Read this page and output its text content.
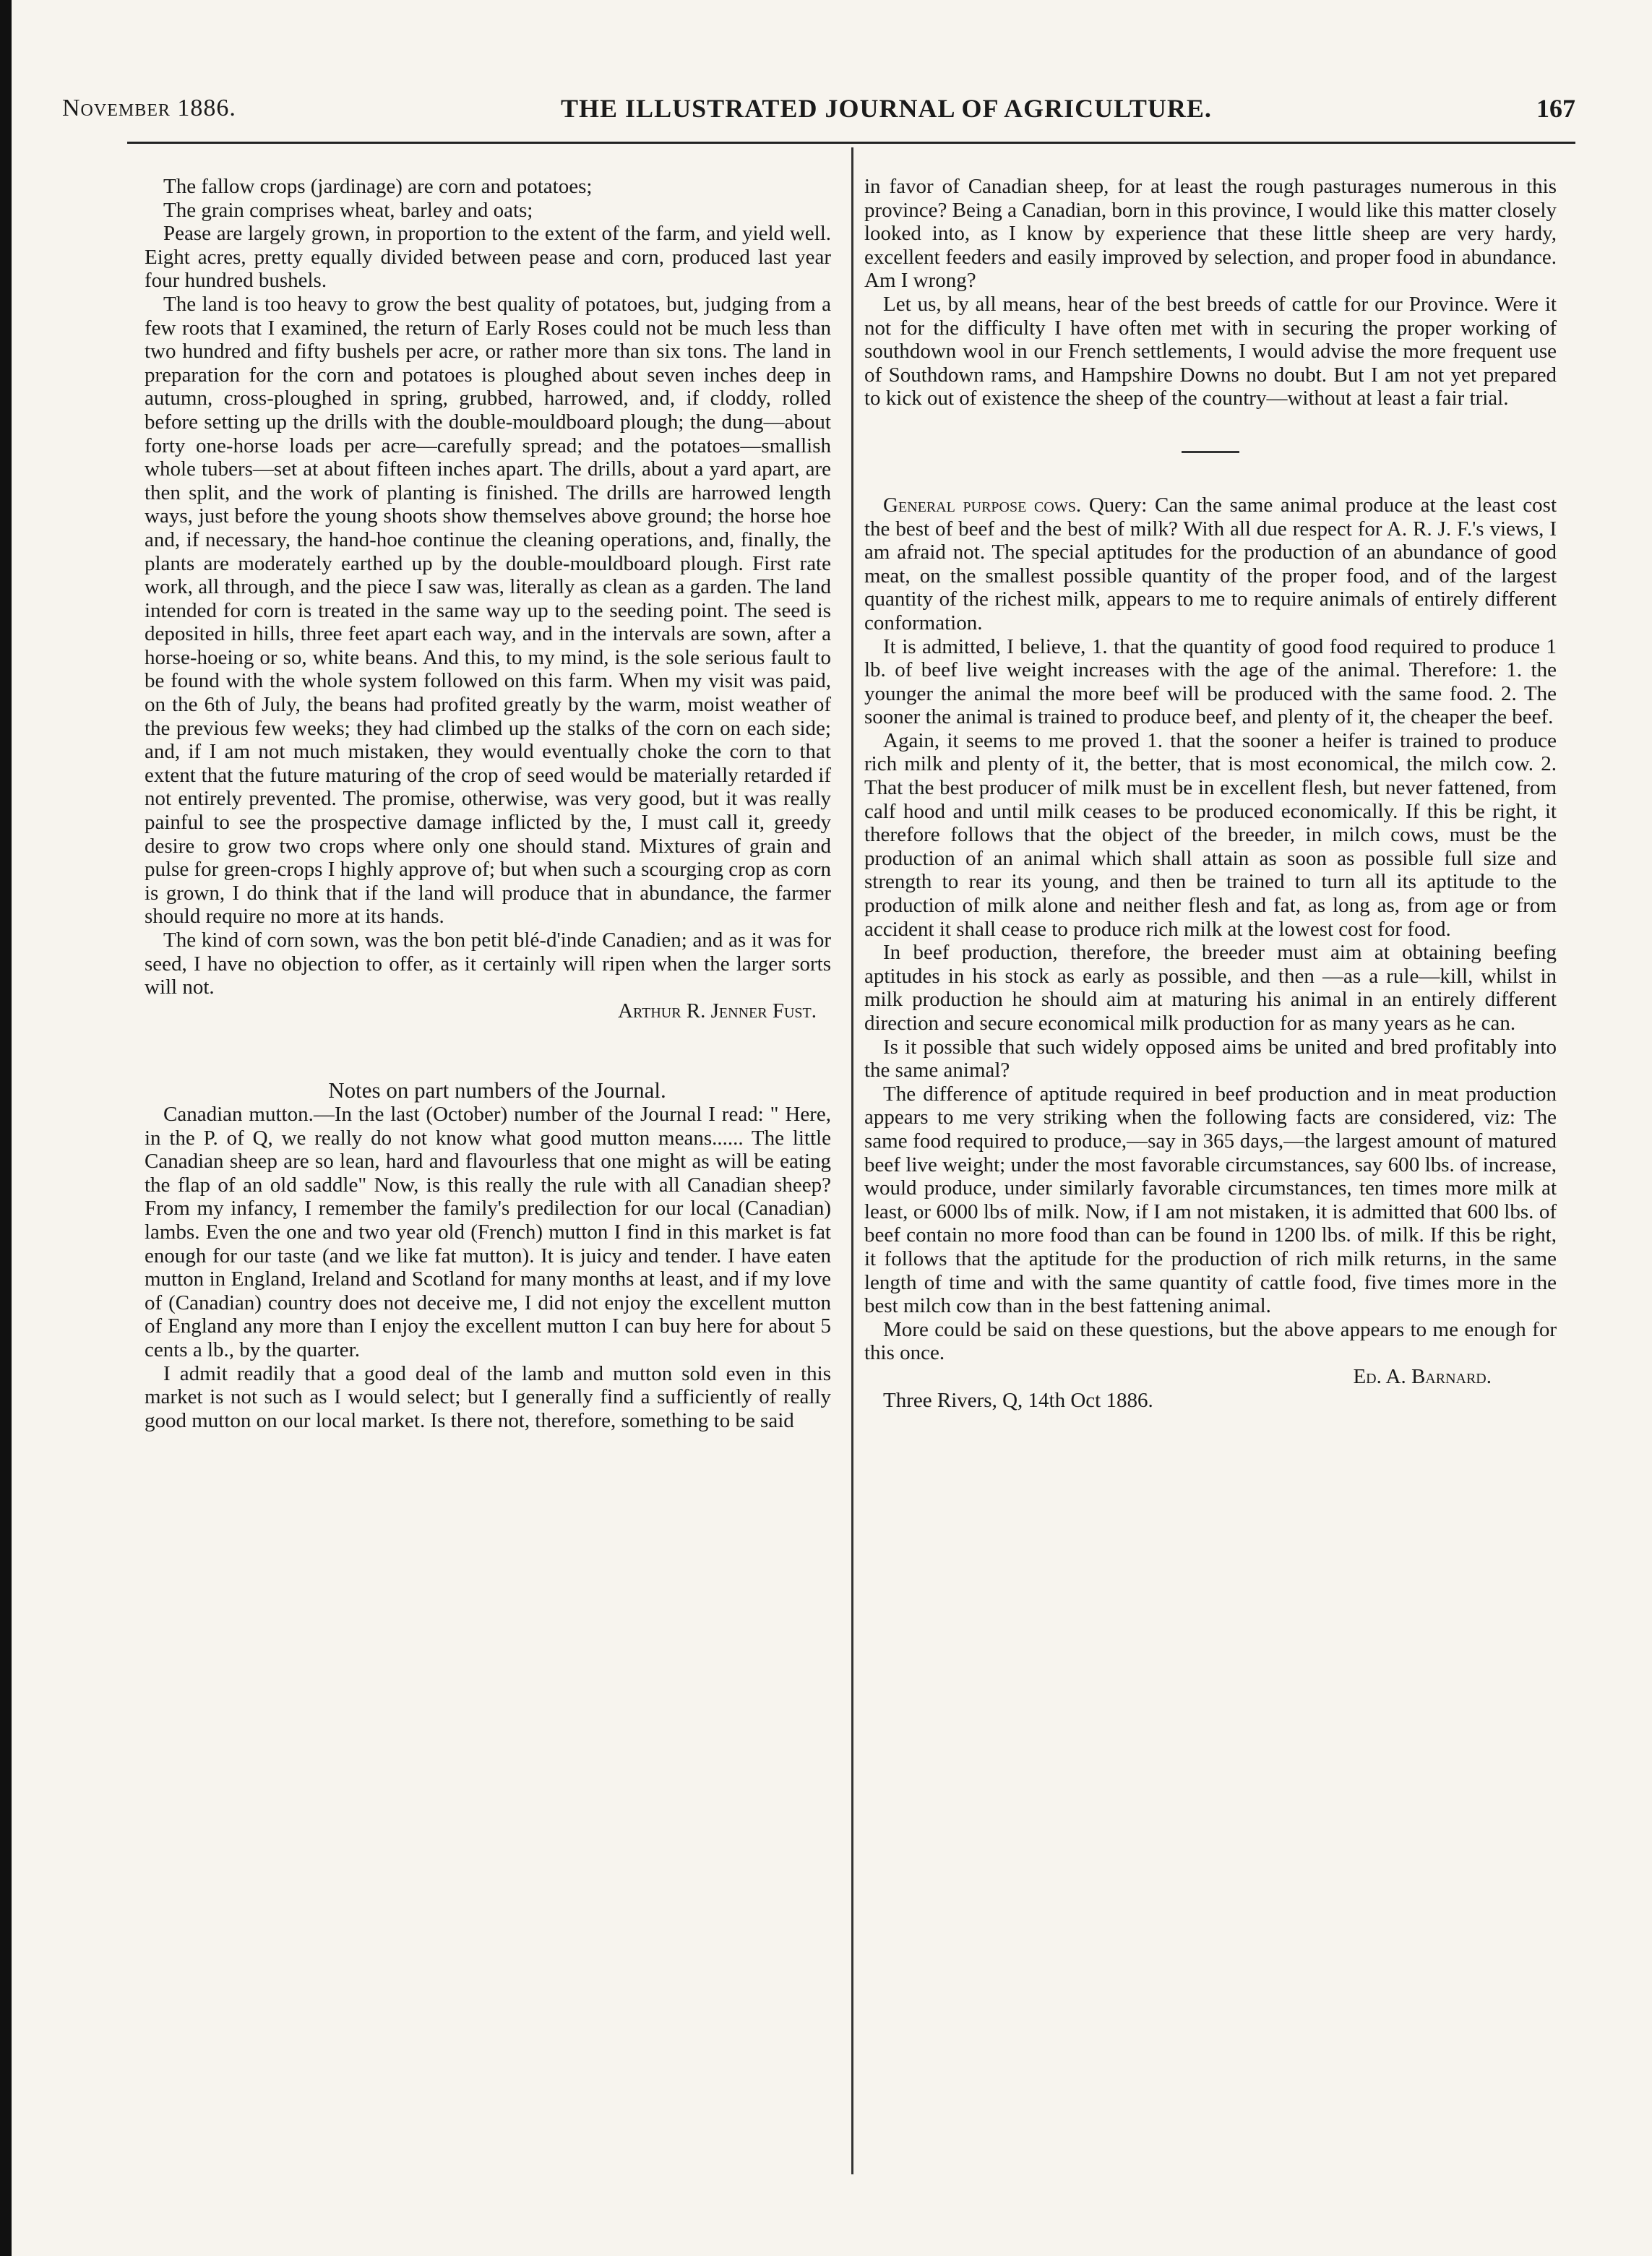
November 1886.	THE ILLUSTRATED JOURNAL OF AGRICULTURE.	167

The fallow crops (jardinage) are corn and potatoes;

The grain comprises wheat, barley and oats;

Pease are largely grown, in proportion to the extent of the farm, and yield well. Eight acres, pretty equally divided between pease and corn, produced last year four hundred bushels.

The land is too heavy to grow the best quality of potatoes, but, judging from a few roots that I examined, the return of Early Roses could not be much less than two hundred and fifty bushels per acre, or rather more than six tons. The land in preparation for the corn and potatoes is ploughed about seven inches deep in autumn, cross-ploughed in spring, grubbed, harrowed, and, if cloddy, rolled before setting up the drills with the double-mouldboard plough; the dung—about forty one-horse loads per acre—carefully spread; and the potatoes—smallish whole tubers—set at about fifteen inches apart. The drills, about a yard apart, are then split, and the work of planting is finished. The drills are harrowed length ways, just before the young shoots show themselves above ground; the horse hoe and, if necessary, the hand-hoe continue the cleaning operations, and, finally, the plants are moderately earthed up by the double-mouldboard plough. First rate work, all through, and the piece I saw was, literally as clean as a garden. The land intended for corn is treated in the same way up to the seeding point. The seed is deposited in hills, three feet apart each way, and in the intervals are sown, after a horse-hoeing or so, white beans. And this, to my mind, is the sole serious fault to be found with the whole system followed on this farm. When my visit was paid, on the 6th of July, the beans had profited greatly by the warm, moist weather of the previous few weeks; they had climbed up the stalks of the corn on each side; and, if I am not much mistaken, they would eventually choke the corn to that extent that the future maturing of the crop of seed would be materially retarded if not entirely prevented. The promise, otherwise, was very good, but it was really painful to see the prospective damage inflicted by the, I must call it, greedy desire to grow two crops where only one should stand. Mixtures of grain and pulse for green-crops I highly approve of; but when such a scourging crop as corn is grown, I do think that if the land will produce that in abundance, the farmer should require no more at its hands.

The kind of corn sown, was the bon petit blé-d'inde Canadien; and as it was for seed, I have no objection to offer, as it certainly will ripen when the larger sorts will not.

Arthur R. Jenner Fust.

Notes on part numbers of the Journal.

Canadian mutton.—In the last (October) number of the Journal I read: " Here, in the P. of Q, we really do not know what good mutton means...... The little Canadian sheep are so lean, hard and flavourless that one might as will be eating the flap of an old saddle" Now, is this really the rule with all Canadian sheep? From my infancy, I remember the family's predilection for our local (Canadian) lambs. Even the one and two year old (French) mutton I find in this market is fat enough for our taste (and we like fat mutton). It is juicy and tender. I have eaten mutton in England, Ireland and Scotland for many months at least, and if my love of (Canadian) country does not deceive me, I did not enjoy the excellent mutton of England any more than I enjoy the excellent mutton I can buy here for about 5 cents a lb., by the quarter.

I admit readily that a good deal of the lamb and mutton sold even in this market is not such as I would select; but I generally find a sufficiently of really good mutton on our local market. Is there not, therefore, something to be said

in favor of Canadian sheep, for at least the rough pasturages numerous in this province? Being a Canadian, born in this province, I would like this matter closely looked into, as I know by experience that these little sheep are very hardy, excellent feeders and easily improved by selection, and proper food in abundance. Am I wrong?

Let us, by all means, hear of the best breeds of cattle for our Province. Were it not for the difficulty I have often met with in securing the proper working of southdown wool in our French settlements, I would advise the more frequent use of Southdown rams, and Hampshire Downs no doubt. But I am not yet prepared to kick out of existence the sheep of the country—without at least a fair trial.

General purpose cows. Query: Can the same animal produce at the least cost the best of beef and the best of milk? With all due respect for A. R. J. F.'s views, I am afraid not. The special aptitudes for the production of an abundance of good meat, on the smallest possible quantity of the proper food, and of the largest quantity of the richest milk, appears to me to require animals of entirely different conformation.

It is admitted, I believe, 1. that the quantity of good food required to produce 1 lb. of beef live weight increases with the age of the animal. Therefore: 1. the younger the animal the more beef will be produced with the same food. 2. The sooner the animal is trained to produce beef, and plenty of it, the cheaper the beef.

Again, it seems to me proved 1. that the sooner a heifer is trained to produce rich milk and plenty of it, the better, that is most economical, the milch cow. 2. That the best producer of milk must be in excellent flesh, but never fattened, from calf hood and until milk ceases to be produced economically. If this be right, it therefore follows that the object of the breeder, in milch cows, must be the production of an animal which shall attain as soon as possible full size and strength to rear its young, and then be trained to turn all its aptitude to the production of milk alone and neither flesh and fat, as long as, from age or from accident it shall cease to produce rich milk at the lowest cost for food.

In beef production, therefore, the breeder must aim at obtaining beefing aptitudes in his stock as early as possible, and then —as a rule—kill, whilst in milk production he should aim at maturing his animal in an entirely different direction and secure economical milk production for as many years as he can.

Is it possible that such widely opposed aims be united and bred profitably into the same animal?

The difference of aptitude required in beef production and in meat production appears to me very striking when the following facts are considered, viz: The same food required to produce,—say in 365 days,—the largest amount of matured beef live weight; under the most favorable circumstances, say 600 lbs. of increase, would produce, under similarly favorable circumstances, ten times more milk at least, or 6000 lbs of milk. Now, if I am not mistaken, it is admitted that 600 lbs. of beef contain no more food than can be found in 1200 lbs. of milk. If this be right, it follows that the aptitude for the production of rich milk returns, in the same length of time and with the same quantity of cattle food, five times more in the best milch cow than in the best fattening animal.

More could be said on these questions, but the above appears to me enough for this once.

Ed. A. Barnard.

Three Rivers, Q, 14th Oct 1886.
